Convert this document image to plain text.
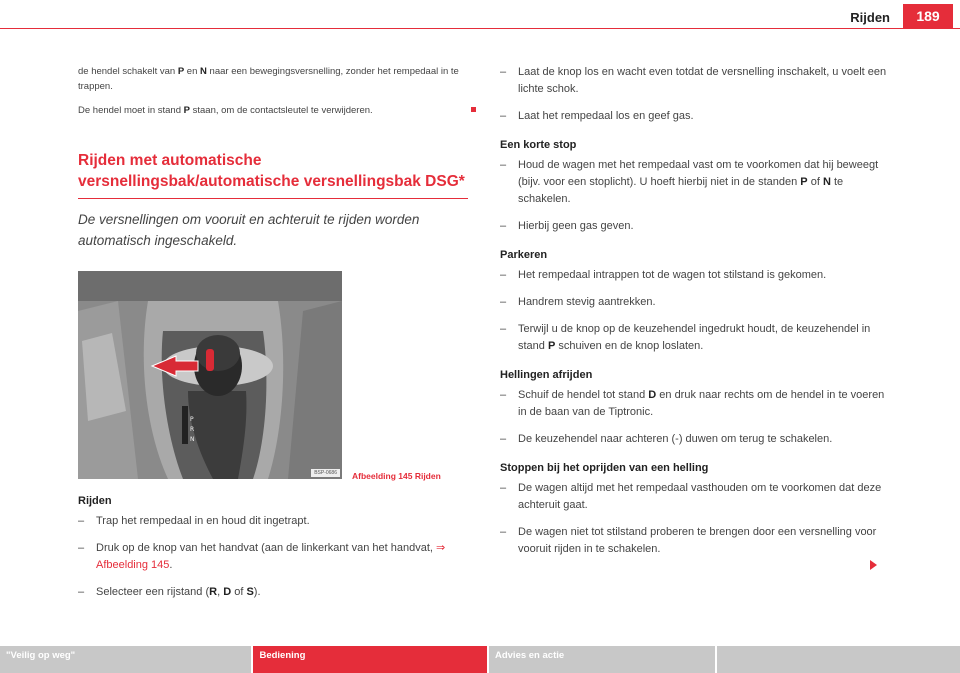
Rijden	189

de hendel schakelt van P en N naar een bewegingsversnelling, zonder het rempedaal in te trappen.

De hendel moet in stand P staan, om de contactsleutel te verwijderen.

Rijden met automatische versnellingsbak/automatische versnellingsbak DSG*

De versnellingen om vooruit en achteruit te rijden worden automatisch ingeschakeld.

P
R
N
BSP-0686	Afbeelding 145 Rijden
Rijden
– Trap het rempedaal in en houd dit ingetrapt.
– Druk op de knop van het handvat (aan de linkerkant van het handvat, ⇒ Afbeelding 145.
– Selecteer een rijstand (R, D of S).
– Laat de knop los en wacht even totdat de versnelling inschakelt, u voelt een lichte schok.
– Laat het rempedaal los en geef gas.
Een korte stop
– Houd de wagen met het rempedaal vast om te voorkomen dat hij beweegt (bijv. voor een stoplicht). U hoeft hierbij niet in de standen P of N te schakelen.
– Hierbij geen gas geven.
Parkeren
– Het rempedaal intrappen tot de wagen tot stilstand is gekomen.
– Handrem stevig aantrekken.
– Terwijl u de knop op de keuzehendel ingedrukt houdt, de keuzehendel in stand P schuiven en de knop loslaten.
Hellingen afrijden
– Schuif de hendel tot stand D en druk naar rechts om de hendel in te voeren in de baan van de Tiptronic.
– De keuzehendel naar achteren (-) duwen om terug te schakelen.
Stoppen bij het oprijden van een helling
– De wagen altijd met het rempedaal vasthouden om te voorkomen dat deze achteruit gaat.
– De wagen niet tot stilstand proberen te brengen door een versnelling voor vooruit rijden in te schakelen.
"Veilig op weg"	Bediening	Advies en actie
